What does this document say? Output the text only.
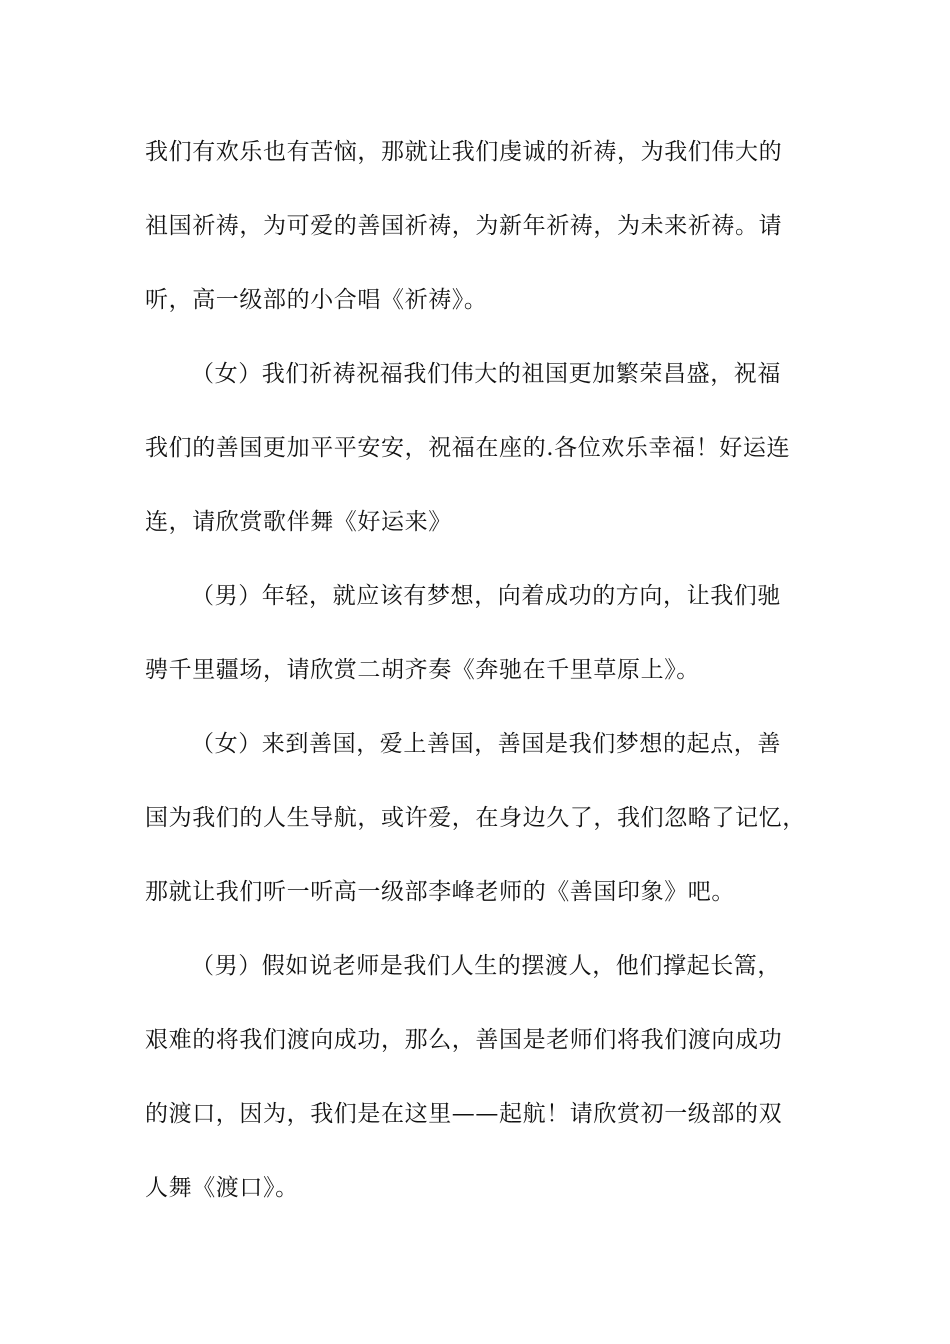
我们有欢乐也有苦恼，那就让我们虔诚的祈祷，为我们伟大的
祖国祈祷，为可爱的善国祈祷，为新年祈祷，为未来祈祷。请
听，高一级部的小合唱《祈祷》。
（女）我们祈祷祝福我们伟大的祖国更加繁荣昌盛，祝福
我们的善国更加平平安安，祝福在座的.各位欢乐幸福！好运连
连，请欣赏歌伴舞《好运来》
（男）年轻，就应该有梦想，向着成功的方向，让我们驰
骋千里疆场，请欣赏二胡齐奏《奔驰在千里草原上》。
（女）来到善国，爱上善国，善国是我们梦想的起点，善
国为我们的人生导航，或许爱，在身边久了，我们忽略了记忆，
那就让我们听一听高一级部李峰老师的《善国印象》吧。
（男）假如说老师是我们人生的摆渡人，他们撑起长篙，
艰难的将我们渡向成功，那么，善国是老师们将我们渡向成功
的渡口，因为，我们是在这里——起航！请欣赏初一级部的双
人舞《渡口》。
